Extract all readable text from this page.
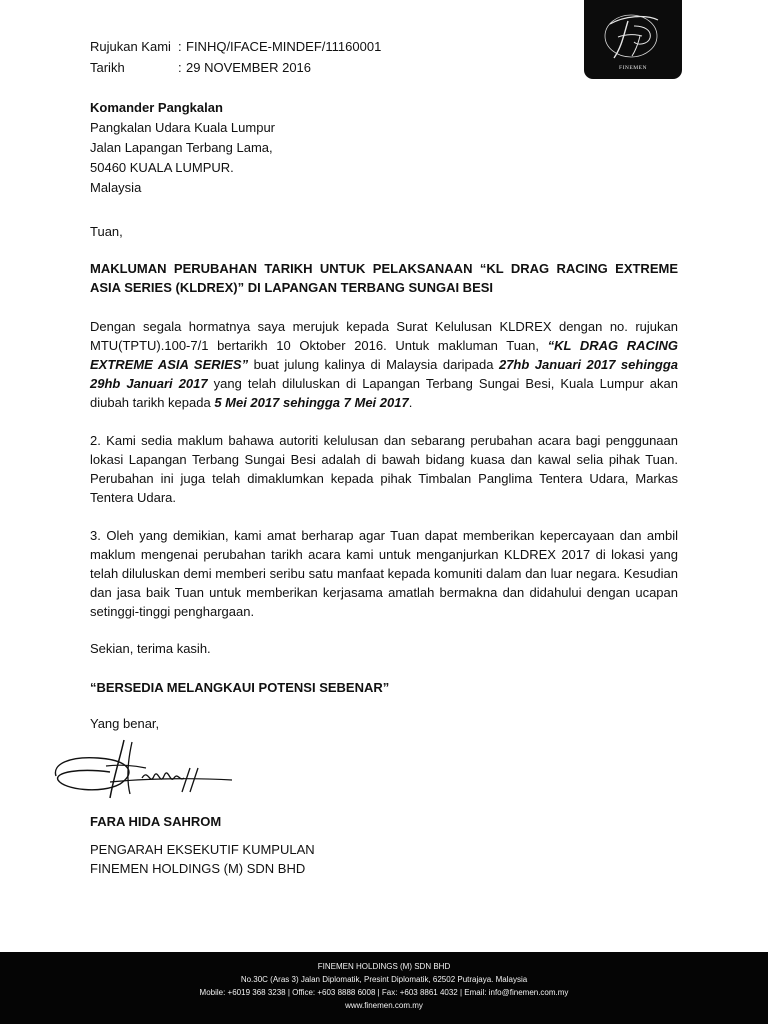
FINEMEN
Rujukan Kami : FINHQ/IFACE-MINDEF/11160001
Tarikh	: 29 NOVEMBER 2016
Komander Pangkalan
Pangkalan Udara Kuala Lumpur
Jalan Lapangan Terbang Lama,
50460 KUALA LUMPUR.
Malaysia
Tuan,

MAKLUMAN PERUBAHAN TARIKH UNTUK PELAKSANAAN “KL DRAG RACING EXTREME ASIA SERIES (KLDREX)” DI LAPANGAN TERBANG SUNGAI BESI

Dengan segala hormatnya saya merujuk kepada Surat Kelulusan KLDREX dengan no. rujukan MTU(TPTU).100-7/1 bertarikh 10 Oktober 2016. Untuk makluman Tuan, “KL DRAG RACING EXTREME ASIA SERIES” buat julung kalinya di Malaysia daripada 27hb Januari 2017 sehingga 29hb Januari 2017 yang telah diluluskan di Lapangan Terbang Sungai Besi, Kuala Lumpur akan diubah tarikh kepada 5 Mei 2017 sehingga 7 Mei 2017.

2. Kami sedia maklum bahawa autoriti kelulusan dan sebarang perubahan acara bagi penggunaan lokasi Lapangan Terbang Sungai Besi adalah di bawah bidang kuasa dan kawal selia pihak Tuan. Perubahan ini juga telah dimaklumkan kepada pihak Timbalan Panglima Tentera Udara, Markas Tentera Udara.

3. Oleh yang demikian, kami amat berharap agar Tuan dapat memberikan kepercayaan dan ambil maklum mengenai perubahan tarikh acara kami untuk menganjurkan KLDREX 2017 di lokasi yang telah diluluskan demi memberi seribu satu manfaat kepada komuniti dalam dan luar negara. Kesudian dan jasa baik Tuan untuk memberikan kerjasama amatlah bermakna dan didahului dengan ucapan setinggi-tinggi penghargaan.

Sekian, terima kasih.
“BERSEDIA MELANGKAUI POTENSI SEBENAR”
Yang benar,
FARA HIDA SAHROM
PENGARAH EKSEKUTIF KUMPULAN
FINEMEN HOLDINGS (M) SDN BHD
FINEMEN HOLDINGS (M) SDN BHD
No.30C (Aras 3) Jalan Diplomatik, Presint Diplomatik, 62502 Putrajaya. Malaysia
Mobile: +6019 368 3238 | Office: +603 8888 6008 | Fax: +603 8861 4032 | Email: info@finemen.com.my
www.finemen.com.my
